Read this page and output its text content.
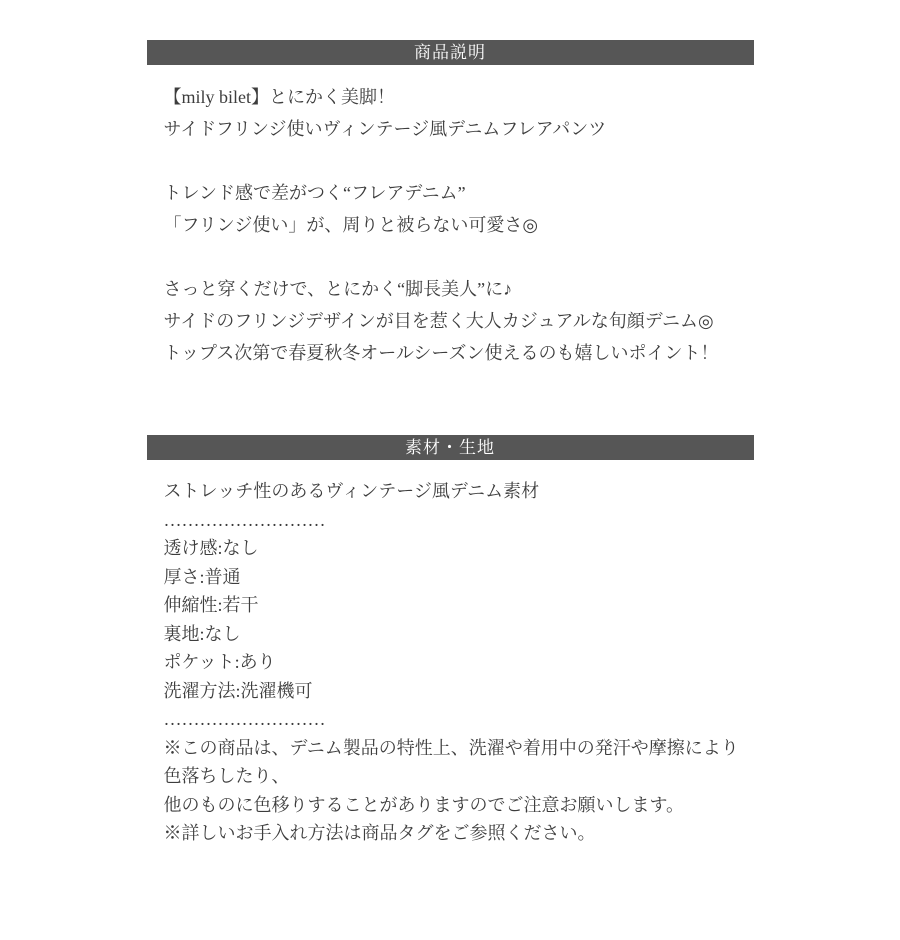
商品説明
【mily bilet】とにかく美脚！
サイドフリンジ使いヴィンテージ風デニムフレアパンツ
トレンド感で差がつく“フレアデニム”
「フリンジ使い」が、周りと被らない可愛さ◎
さっと穿くだけで、とにかく“脚長美人”に♪
サイドのフリンジデザインが目を惹く大人カジュアルな旬顔デニム◎
トップス次第で春夏秋冬オールシーズン使えるのも嬉しいポイント！
素材・生地
ストレッチ性のあるヴィンテージ風デニム素材
………………………
透け感:なし
厚さ:普通
伸縮性:若干
裏地:なし
ポケット:あり
洗濯方法:洗濯機可
………………………
※この商品は、デニム製品の特性上、洗濯や着用中の発汗や摩擦により
色落ちしたり、
他のものに色移りすることがありますのでご注意お願いします。
※詳しいお手入れ方法は商品タグをご参照ください。
